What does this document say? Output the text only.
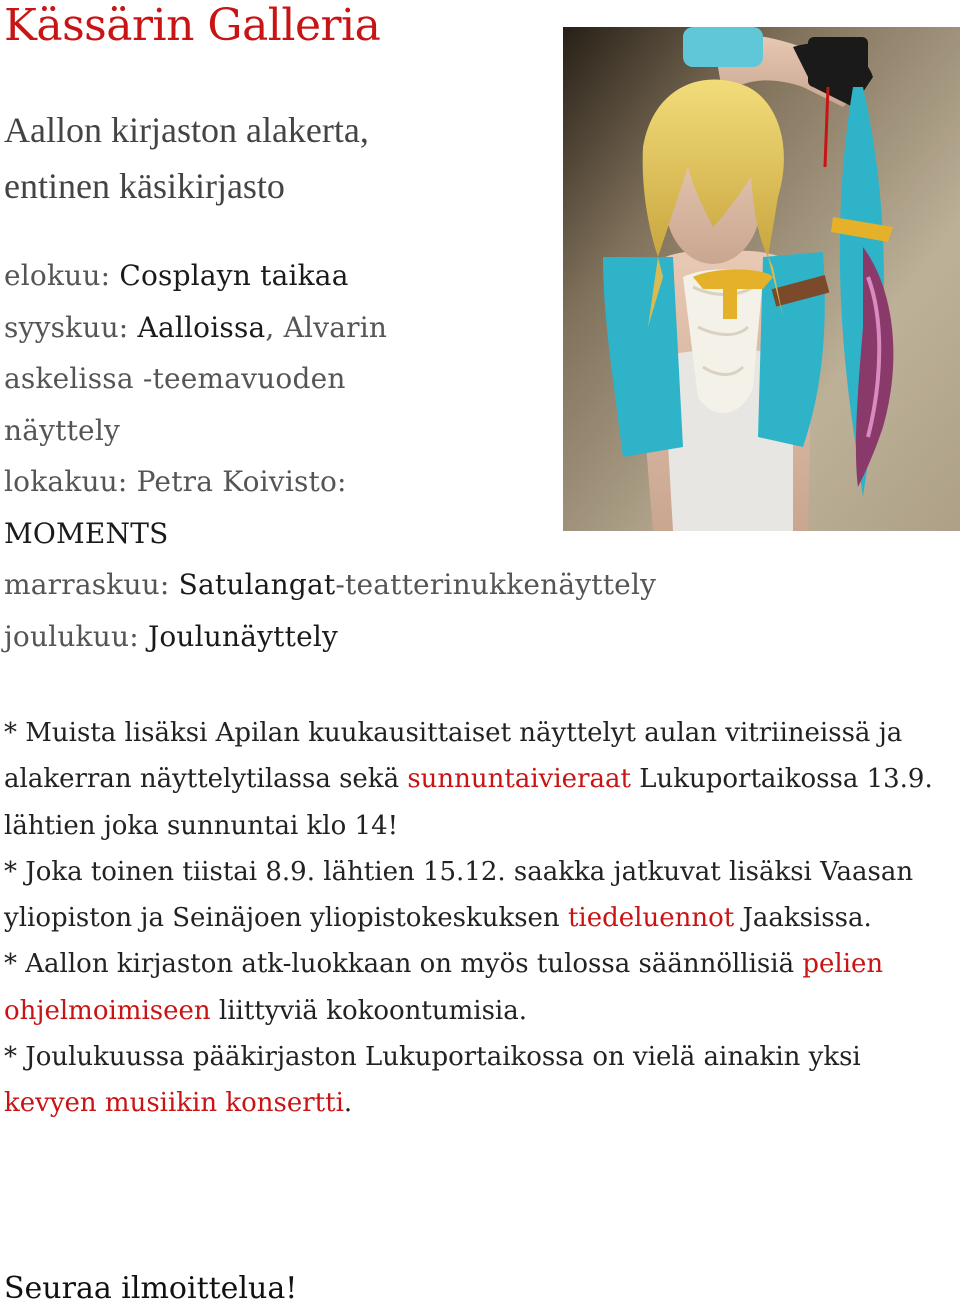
Kässärin Galleria
Aallon kirjaston alakerta,
entinen käsikirjasto
elokuu: Cosplayn taikaa
syyskuu: Aalloissa, Alvarin
askelissa -teemavuoden
näyttely
lokakuu: Petra Koivisto:
MOMENTS
marraskuu: Satulangat-teatterinukkenäyttely
joulukuu: Joulunäyttely

* Muista lisäksi Apilan kuukausittaiset näyttelyt aulan vitriineissä ja alakerran näyttelytilassa sekä sunnuntaivieraat Lukuportaikossa 13.9. lähtien joka sunnuntai klo 14!

* Joka toinen tiistai 8.9. lähtien 15.12. saakka jatkuvat lisäksi Vaasan yliopiston ja Seinäjoen yliopistokeskuksen tiedeluennot Jaaksissa.

* Aallon kirjaston atk-luokkaan on myös tulossa säännöllisiä pelien ohjelmoimiseen liittyviä kokoontumisia.

* Joulukuussa pääkirjaston Lukuportaikossa on vielä ainakin yksi kevyen musiikin konsertti.

Seuraa ilmoittelua!
